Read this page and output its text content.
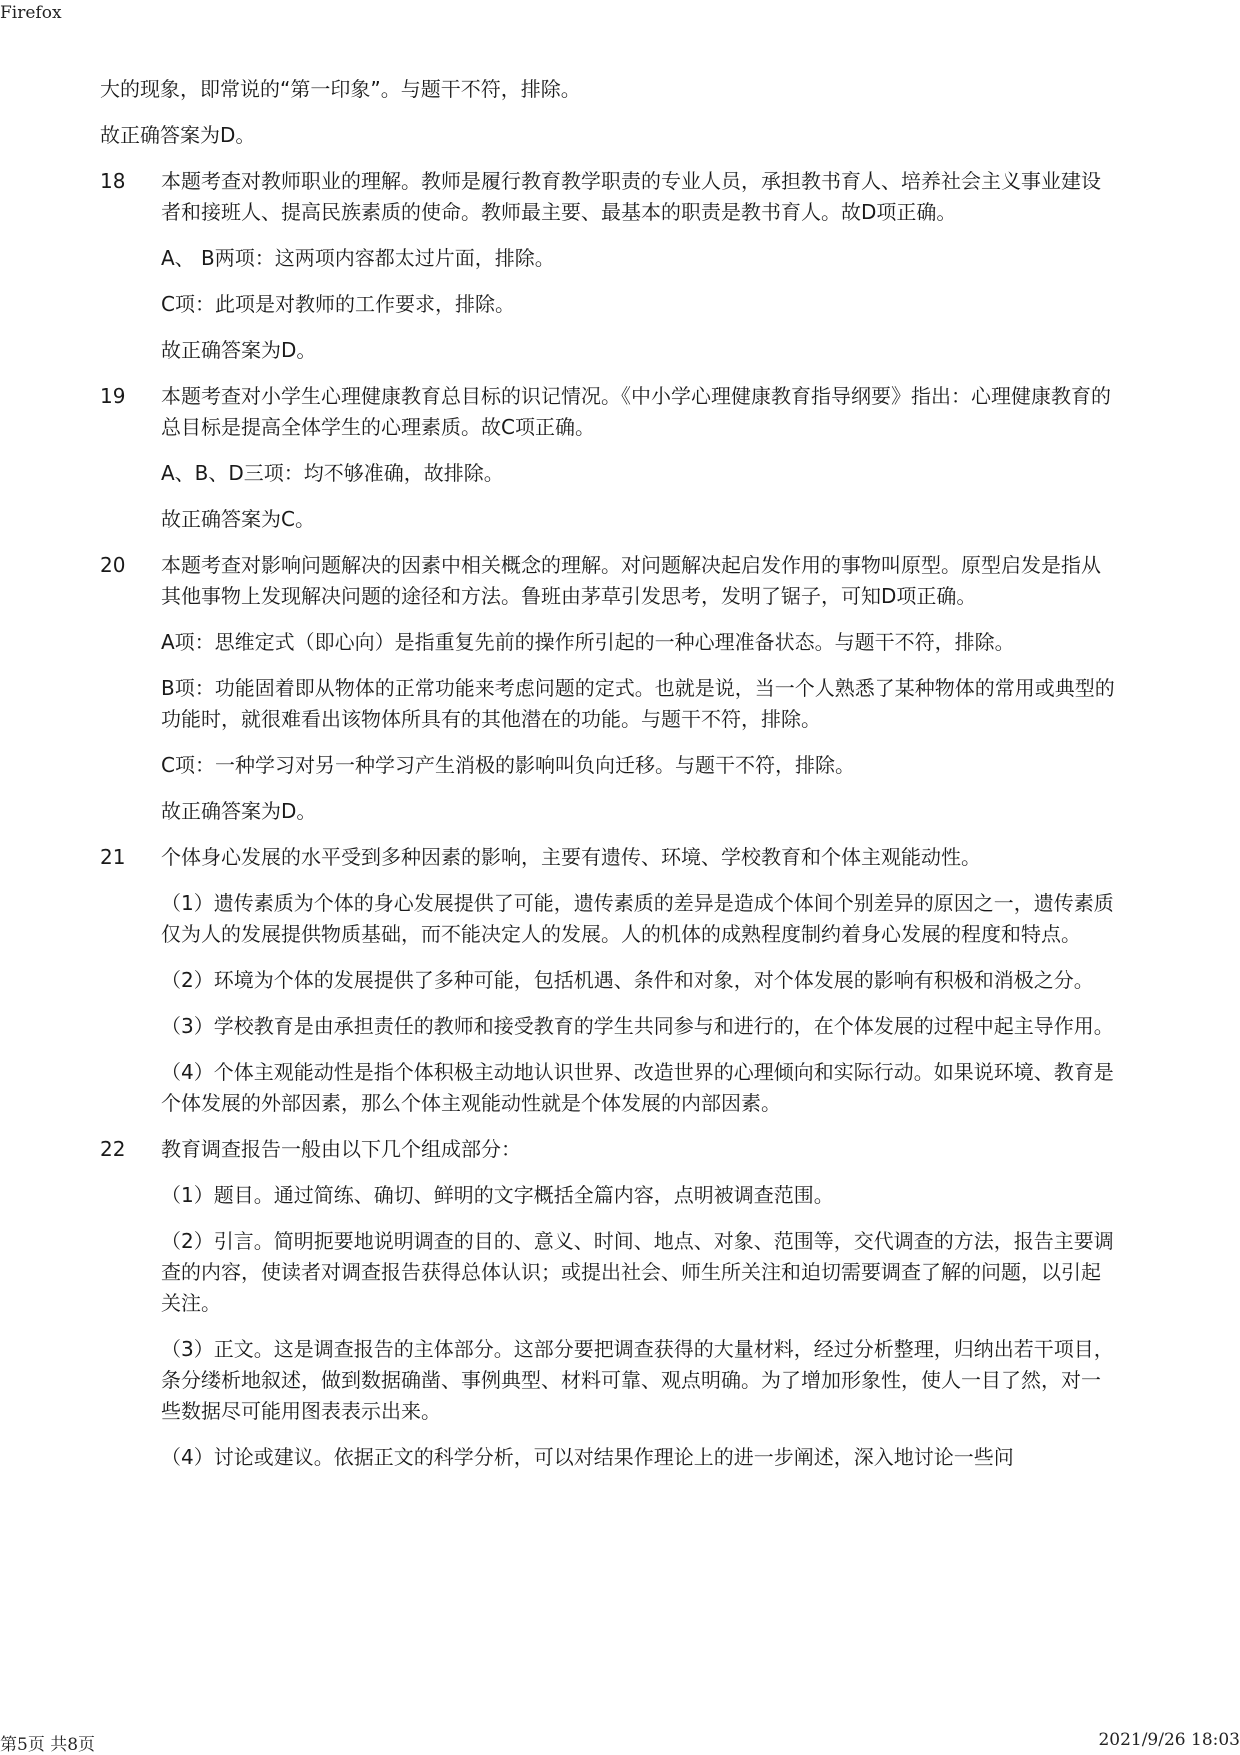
Firefox
大的现象，即常说的“第一印象”。与题干不符，排除。
故正确答案为D。
18	本题考查对教师职业的理解。教师是履行教育教学职责的专业人员，承担教书育人、培养社会主义事业建设者和接班人、提高民族素质的使命。教师最主要、最基本的职责是教书育人。故D项正确。
A、 B两项：这两项内容都太过片面，排除。
C项：此项是对教师的工作要求，排除。
故正确答案为D。
19	本题考查对小学生心理健康教育总目标的识记情况。《中小学心理健康教育指导纲要》指出：心理健康教育的总目标是提高全体学生的心理素质。故C项正确。
A、B、D三项：均不够准确，故排除。
故正确答案为C。
20	本题考查对影响问题解决的因素中相关概念的理解。对问题解决起启发作用的事物叫原型。原型启发是指从其他事物上发现解决问题的途径和方法。鲁班由茅草引发思考，发明了锯子，可知D项正确。
A项：思维定式（即心向）是指重复先前的操作所引起的一种心理准备状态。与题干不符，排除。
B项：功能固着即从物体的正常功能来考虑问题的定式。也就是说，当一个人熟悉了某种物体的常用或典型的功能时，就很难看出该物体所具有的其他潜在的功能。与题干不符，排除。
C项：一种学习对另一种学习产生消极的影响叫负向迁移。与题干不符，排除。
故正确答案为D。
21	个体身心发展的水平受到多种因素的影响，主要有遗传、环境、学校教育和个体主观能动性。
（1）遗传素质为个体的身心发展提供了可能，遗传素质的差异是造成个体间个别差异的原因之一，遗传素质仅为人的发展提供物质基础，而不能决定人的发展。人的机体的成熟程度制约着身心发展的程度和特点。
（2）环境为个体的发展提供了多种可能，包括机遇、条件和对象，对个体发展的影响有积极和消极之分。
（3）学校教育是由承担责任的教师和接受教育的学生共同参与和进行的，在个体发展的过程中起主导作用。
（4）个体主观能动性是指个体积极主动地认识世界、改造世界的心理倾向和实际行动。如果说环境、教育是个体发展的外部因素，那么个体主观能动性就是个体发展的内部因素。
22	教育调查报告一般由以下几个组成部分：
（1）题目。通过简练、确切、鲜明的文字概括全篇内容，点明被调查范围。
（2）引言。简明扼要地说明调查的目的、意义、时间、地点、对象、范围等，交代调查的方法，报告主要调查的内容，使读者对调查报告获得总体认识；或提出社会、师生所关注和迫切需要调查了解的问题，以引起关注。
（3）正文。这是调查报告的主体部分。这部分要把调查获得的大量材料，经过分析整理，归纳出若干项目，条分缕析地叙述，做到数据确凿、事例典型、材料可靠、观点明确。为了增加形象性，使人一目了然，对一些数据尽可能用图表表示出来。
（4）讨论或建议。依据正文的科学分析，可以对结果作理论上的进一步阐述，深入地讨论一些问
第5页 共8页	2021/9/26 18:03
